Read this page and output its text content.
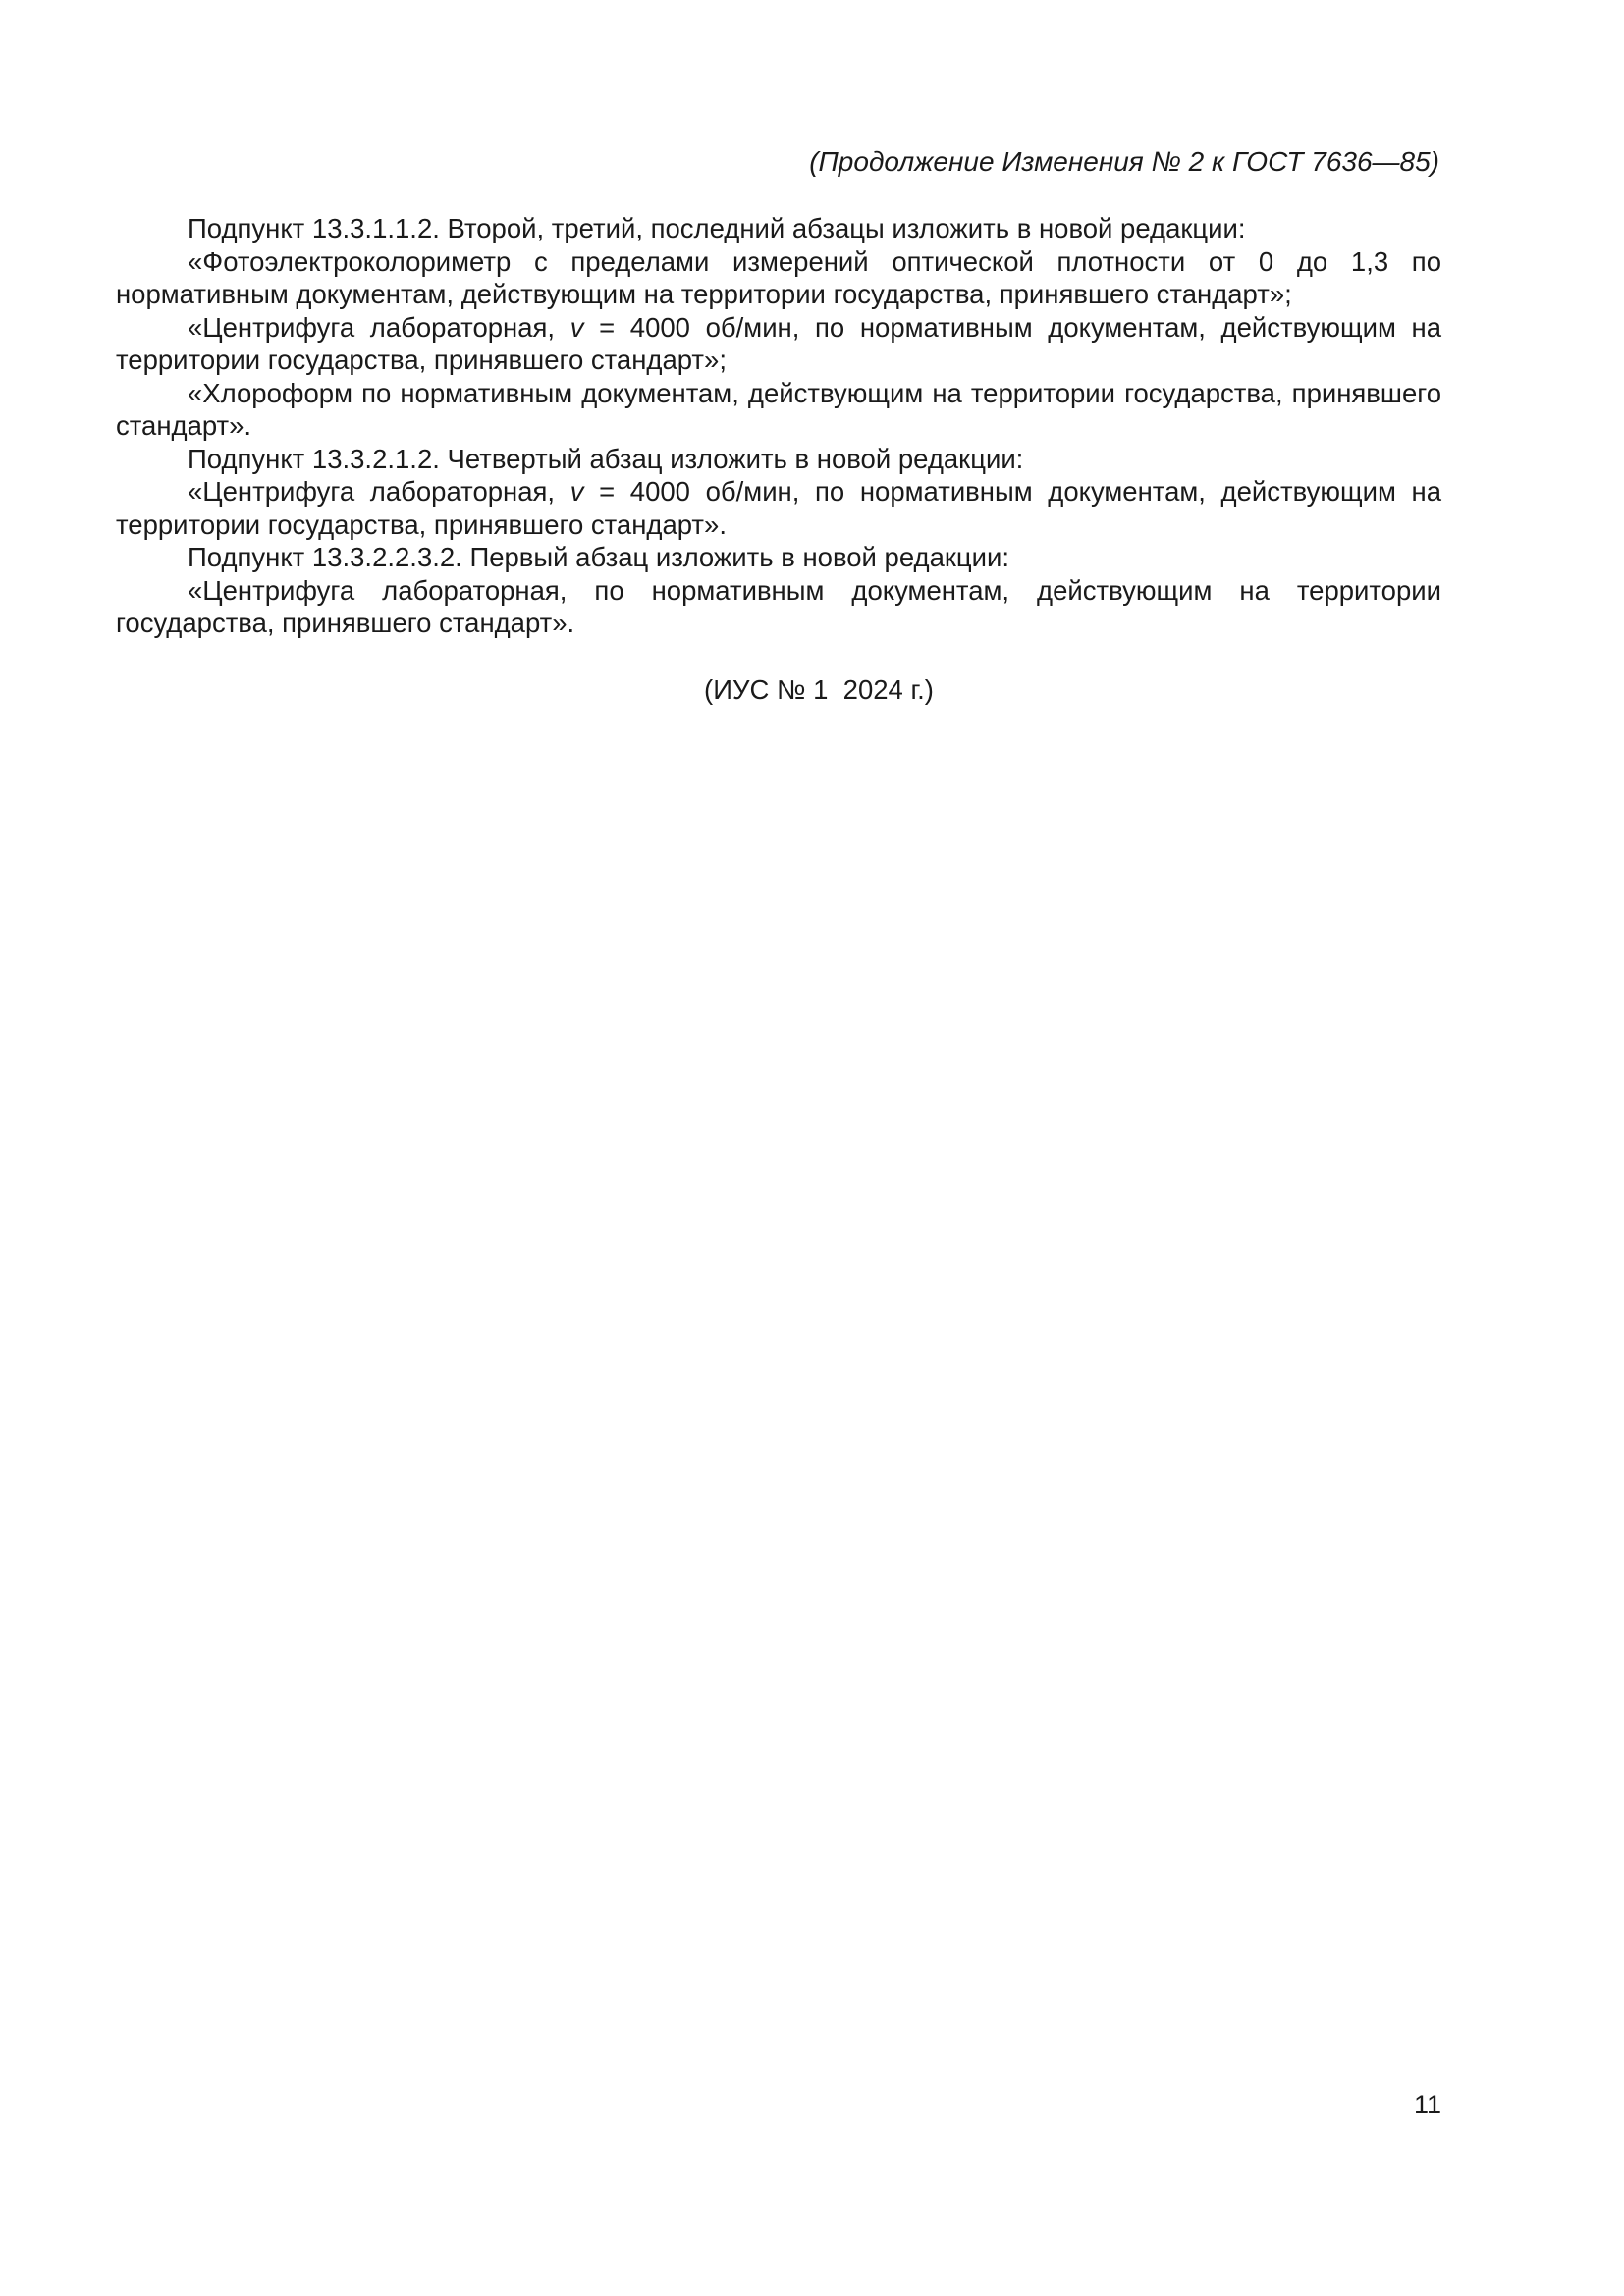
(Продолжение Изменения № 2 к ГОСТ 7636—85)

Подпункт 13.3.1.1.2. Второй, третий, последний абзацы изложить в новой редакции:

«Фотоэлектроколориметр с пределами измерений оптической плотности от 0 до 1,3 по нормативным документам, действующим на территории государства, принявшего стандарт»;

«Центрифуга лабораторная, v = 4000 об/мин, по нормативным документам, действующим на территории государства, принявшего стандарт»;

«Хлороформ по нормативным документам, действующим на территории государства, принявшего стандарт».

Подпункт 13.3.2.1.2. Четвертый абзац изложить в новой редакции:

«Центрифуга лабораторная, v = 4000 об/мин, по нормативным документам, действующим на территории государства, принявшего стандарт».

Подпункт 13.3.2.2.3.2. Первый абзац изложить в новой редакции:

«Центрифуга лабораторная, по нормативным документам, действующим на территории государства, принявшего стандарт».

(ИУС № 1  2024 г.)
11
